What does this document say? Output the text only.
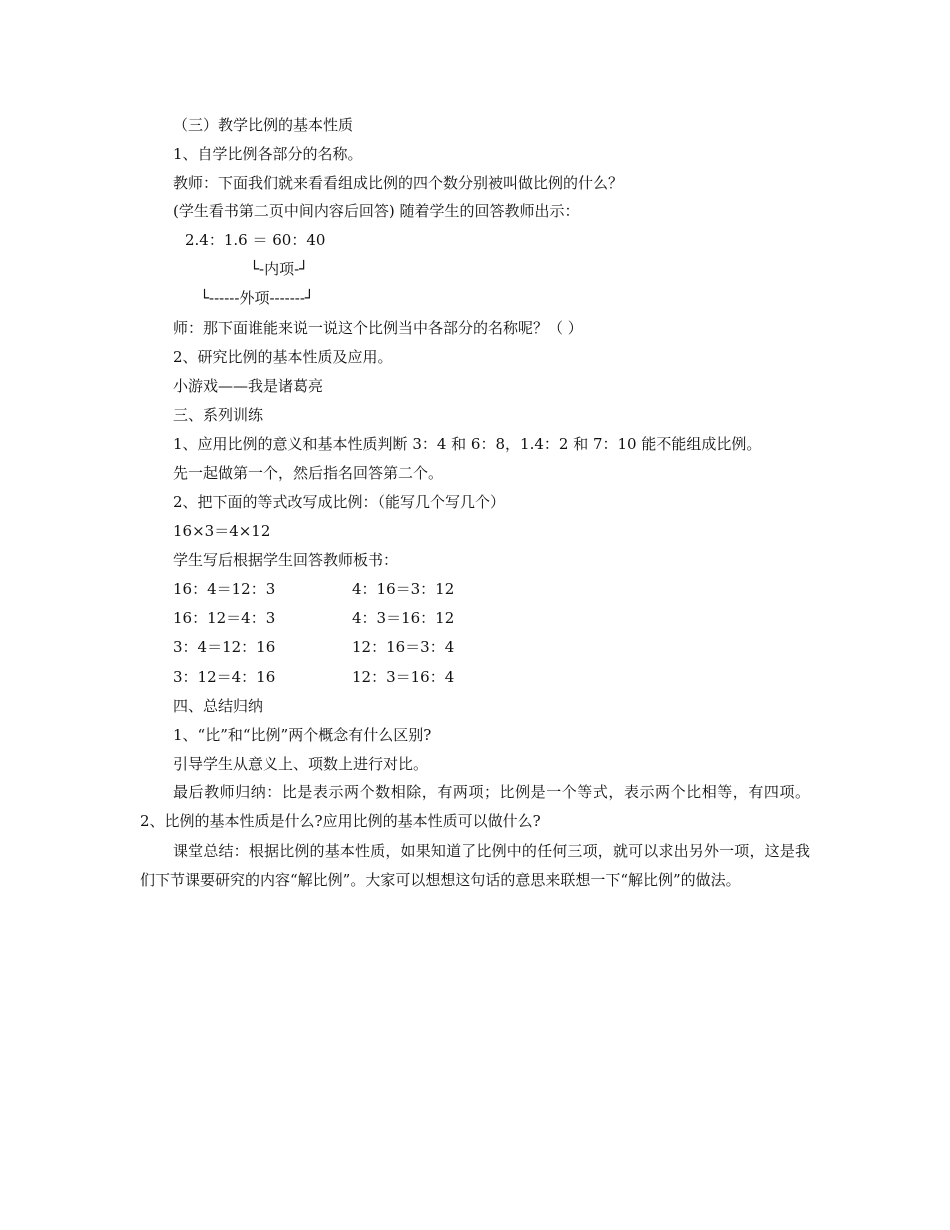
（三）教学比例的基本性质
1、自学比例各部分的名称。
教师：下面我们就来看看组成比例的四个数分别被叫做比例的什么？
(学生看书第二页中间内容后回答) 随着学生的回答教师出示：
2.4：1.6 ＝ 60：40
└-内项-┘
└------外项-------┘
师：那下面谁能来说一说这个比例当中各部分的名称呢？（ ）
2、研究比例的基本性质及应用。
小游戏——我是诸葛亮
三、系列训练
1、应用比例的意义和基本性质判断 3：4 和 6：8，1.4：2 和 7：10 能不能组成比例。
先一起做第一个，然后指名回答第二个。
2、把下面的等式改写成比例：（能写几个写几个）
16×3＝4×12
学生写后根据学生回答教师板书：
16：4＝12：3	4：16＝3：12
16：12＝4：3	4：3＝16：12
3：4＝12：16	12：16＝3：4
3：12＝4：16	12：3＝16：4
四、总结归纳
1、“比”和“比例”两个概念有什么区别?
引导学生从意义上、项数上进行对比。
最后教师归纳：比是表示两个数相除，有两项；比例是一个等式，表示两个比相等，有四项。2、比例的基本性质是什么?应用比例的基本性质可以做什么?
课堂总结：根据比例的基本性质，如果知道了比例中的任何三项，就可以求出另外一项，这是我们下节课要研究的内容“解比例”。大家可以想想这句话的意思来联想一下“解比例”的做法。
